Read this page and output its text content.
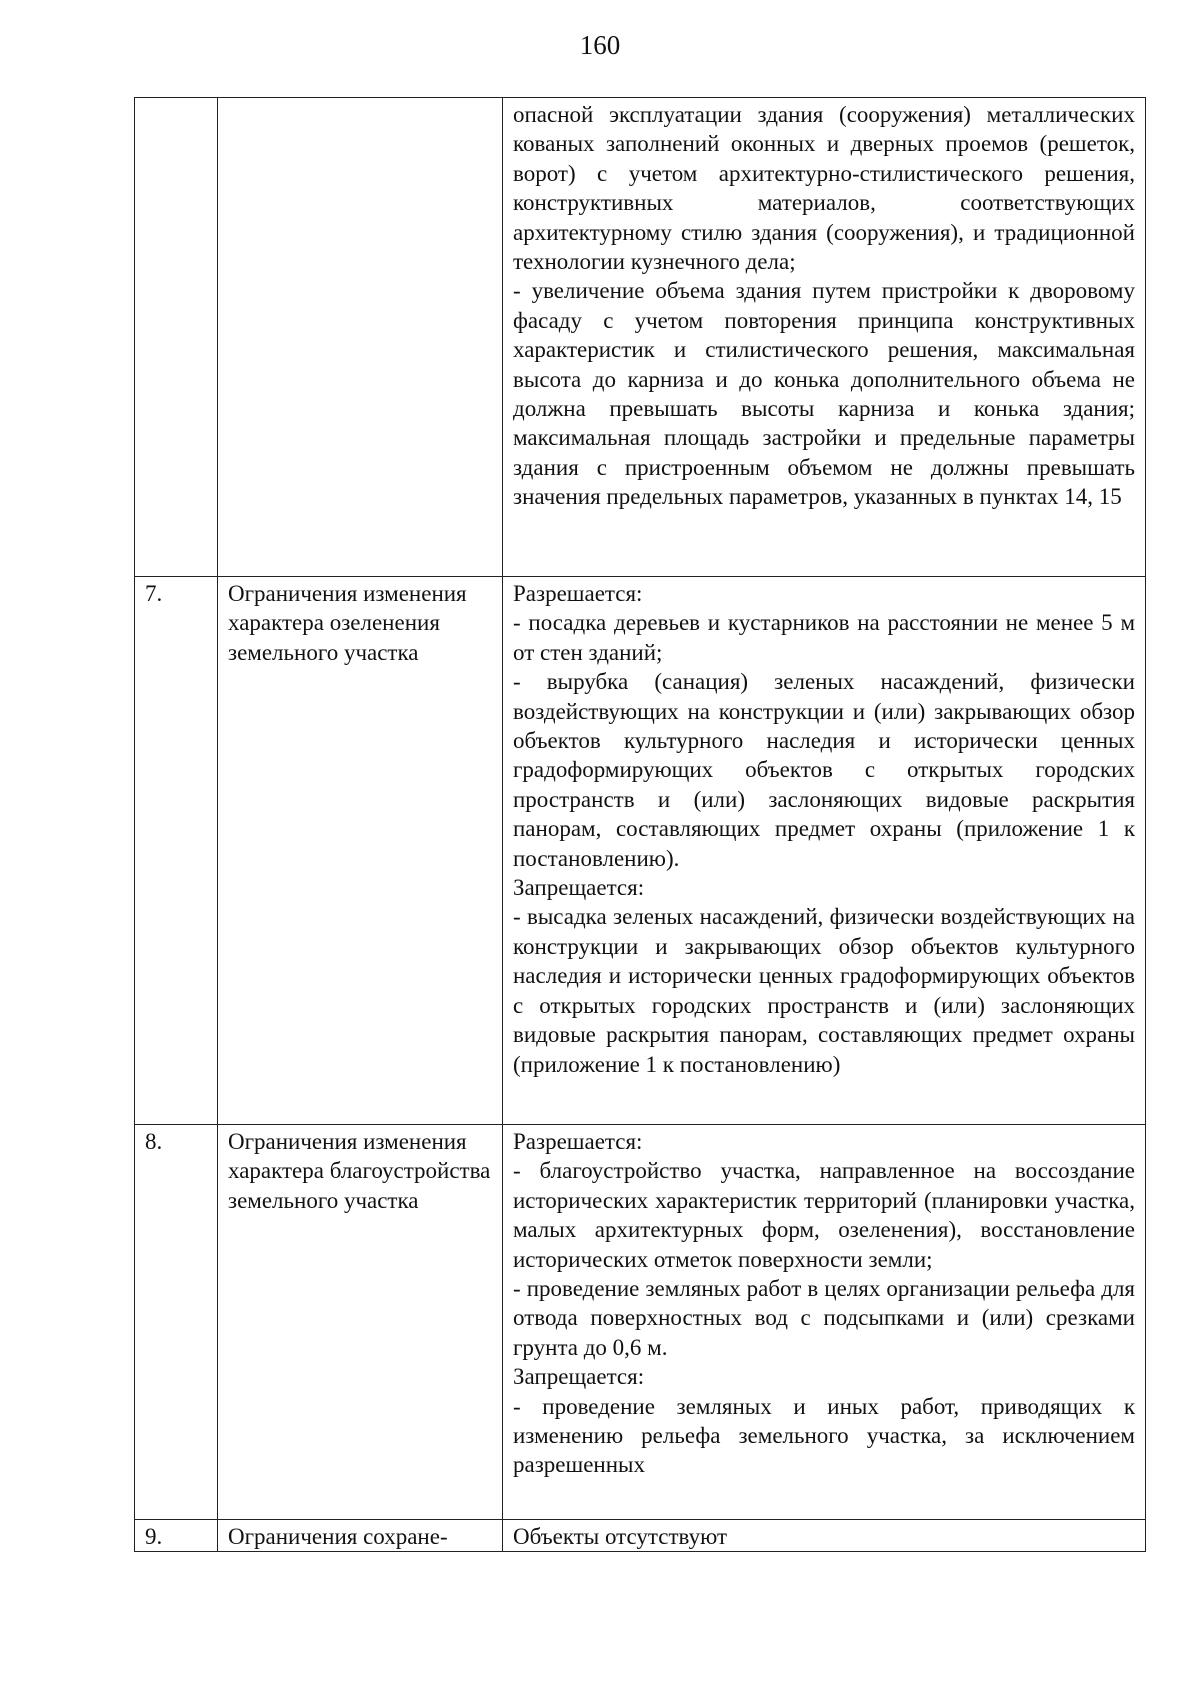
160

		опасной эксплуатации здания (сооружения) металлических кованых заполнений оконных и дверных проемов (решеток, ворот) с учетом архитектурно-стилистического решения, конструктивных материалов, соответствующих архитектурному стилю здания (сооружения), и традиционной технологии кузнечного дела;

- увеличение объема здания путем пристройки к дворовому фасаду с учетом повторения принципа конструктивных характеристик и стилистического решения, максимальная высота до карниза и до конька дополнительного объема не должна превышать высоты карниза и конька здания; максимальная площадь застройки и предельные параметры здания с пристроенным объемом не должны превышать значения предельных параметров, указанных в пунктах 14, 15

7.	Ограничения изменения характера озеленения земельного участка	Разрешается:

- посадка деревьев и кустарников на расстоянии не менее 5 м от стен зданий;

- вырубка (санация) зеленых насаждений, физически воздействующих на конструкции и (или) закрывающих обзор объектов культурного наследия и исторически ценных градоформирующих объектов с открытых городских пространств и (или) заслоняющих видовые раскрытия панорам, составляющих предмет охраны (приложение 1 к постановлению).

Запрещается:

- высадка зеленых насаждений, физически воздействующих на конструкции и закрывающих обзор объектов культурного наследия и исторически ценных градоформирующих объектов с открытых городских пространств и (или) заслоняющих видовые раскрытия панорам, составляющих предмет охраны (приложение 1 к постановлению)

8.	Ограничения изменения характера благоустройства земельного участка	Разрешается:

- благоустройство участка, направленное на воссоздание исторических характеристик территорий (планировки участка, малых архитектурных форм, озеленения), восстановление исторических отметок поверхности земли;

- проведение земляных работ в целях организации рельефа для отвода поверхностных вод с подсыпками и (или) срезками грунта до 0,6 м.

Запрещается:

- проведение земляных и иных работ, приводящих к изменению рельефа земельного участка, за исключением разрешенных

9.	Ограничения сохране-	Объекты отсутствуют
